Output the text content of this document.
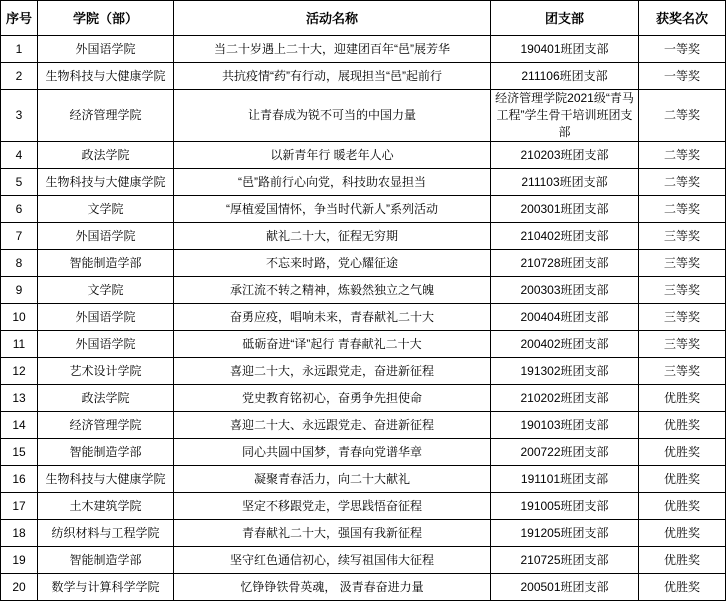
序号	学院（部）	活动名称	团支部	获奖名次
1	外国语学院	当二十岁遇上二十大，迎建团百年“邑”展芳华	190401班团支部	一等奖
2	生物科技与大健康学院	共抗疫情“药”有行动，展现担当“邑”起前行	211106班团支部	一等奖
3	经济管理学院	让青春成为锐不可当的中国力量	经济管理学院2021级“青马工程”学生骨干培训班团支部	二等奖
4	政法学院	以新青年行 暖老年人心	210203班团支部	二等奖
5	生物科技与大健康学院	“邑”路前行心向党，科技助农显担当	211103班团支部	二等奖
6	文学院	“厚植爱国情怀，争当时代新人”系列活动	200301班团支部	二等奖
7	外国语学院	献礼二十大，征程无穷期	210402班团支部	三等奖
8	智能制造学部	不忘来时路，党心耀征途	210728班团支部	三等奖
9	文学院	承江流不转之精神，炼毅然独立之气魄	200303班团支部	三等奖
10	外国语学院	奋勇应疫，唱响未来，青春献礼二十大	200404班团支部	三等奖
11	外国语学院	砥砺奋进“译”起行 青春献礼二十大	200402班团支部	三等奖
12	艺术设计学院	喜迎二十大，永远跟党走，奋进新征程	191302班团支部	三等奖
13	政法学院	党史教育铭初心，奋勇争先担使命	210202班团支部	优胜奖
14	经济管理学院	喜迎二十大、永远跟党走、奋进新征程	190103班团支部	优胜奖
15	智能制造学部	同心共圆中国梦，青春向党谱华章	200722班团支部	优胜奖
16	生物科技与大健康学院	凝聚青春活力，向二十大献礼	191101班团支部	优胜奖
17	土木建筑学院	坚定不移跟党走，学思践悟奋征程	191005班团支部	优胜奖
18	纺织材料与工程学院	青春献礼二十大，强国有我新征程	191205班团支部	优胜奖
19	智能制造学部	坚守红色通信初心，续写祖国伟大征程	210725班团支部	优胜奖
20	数学与计算科学学院	忆铮铮铁骨英魂， 汲青春奋进力量	200501班团支部	优胜奖
